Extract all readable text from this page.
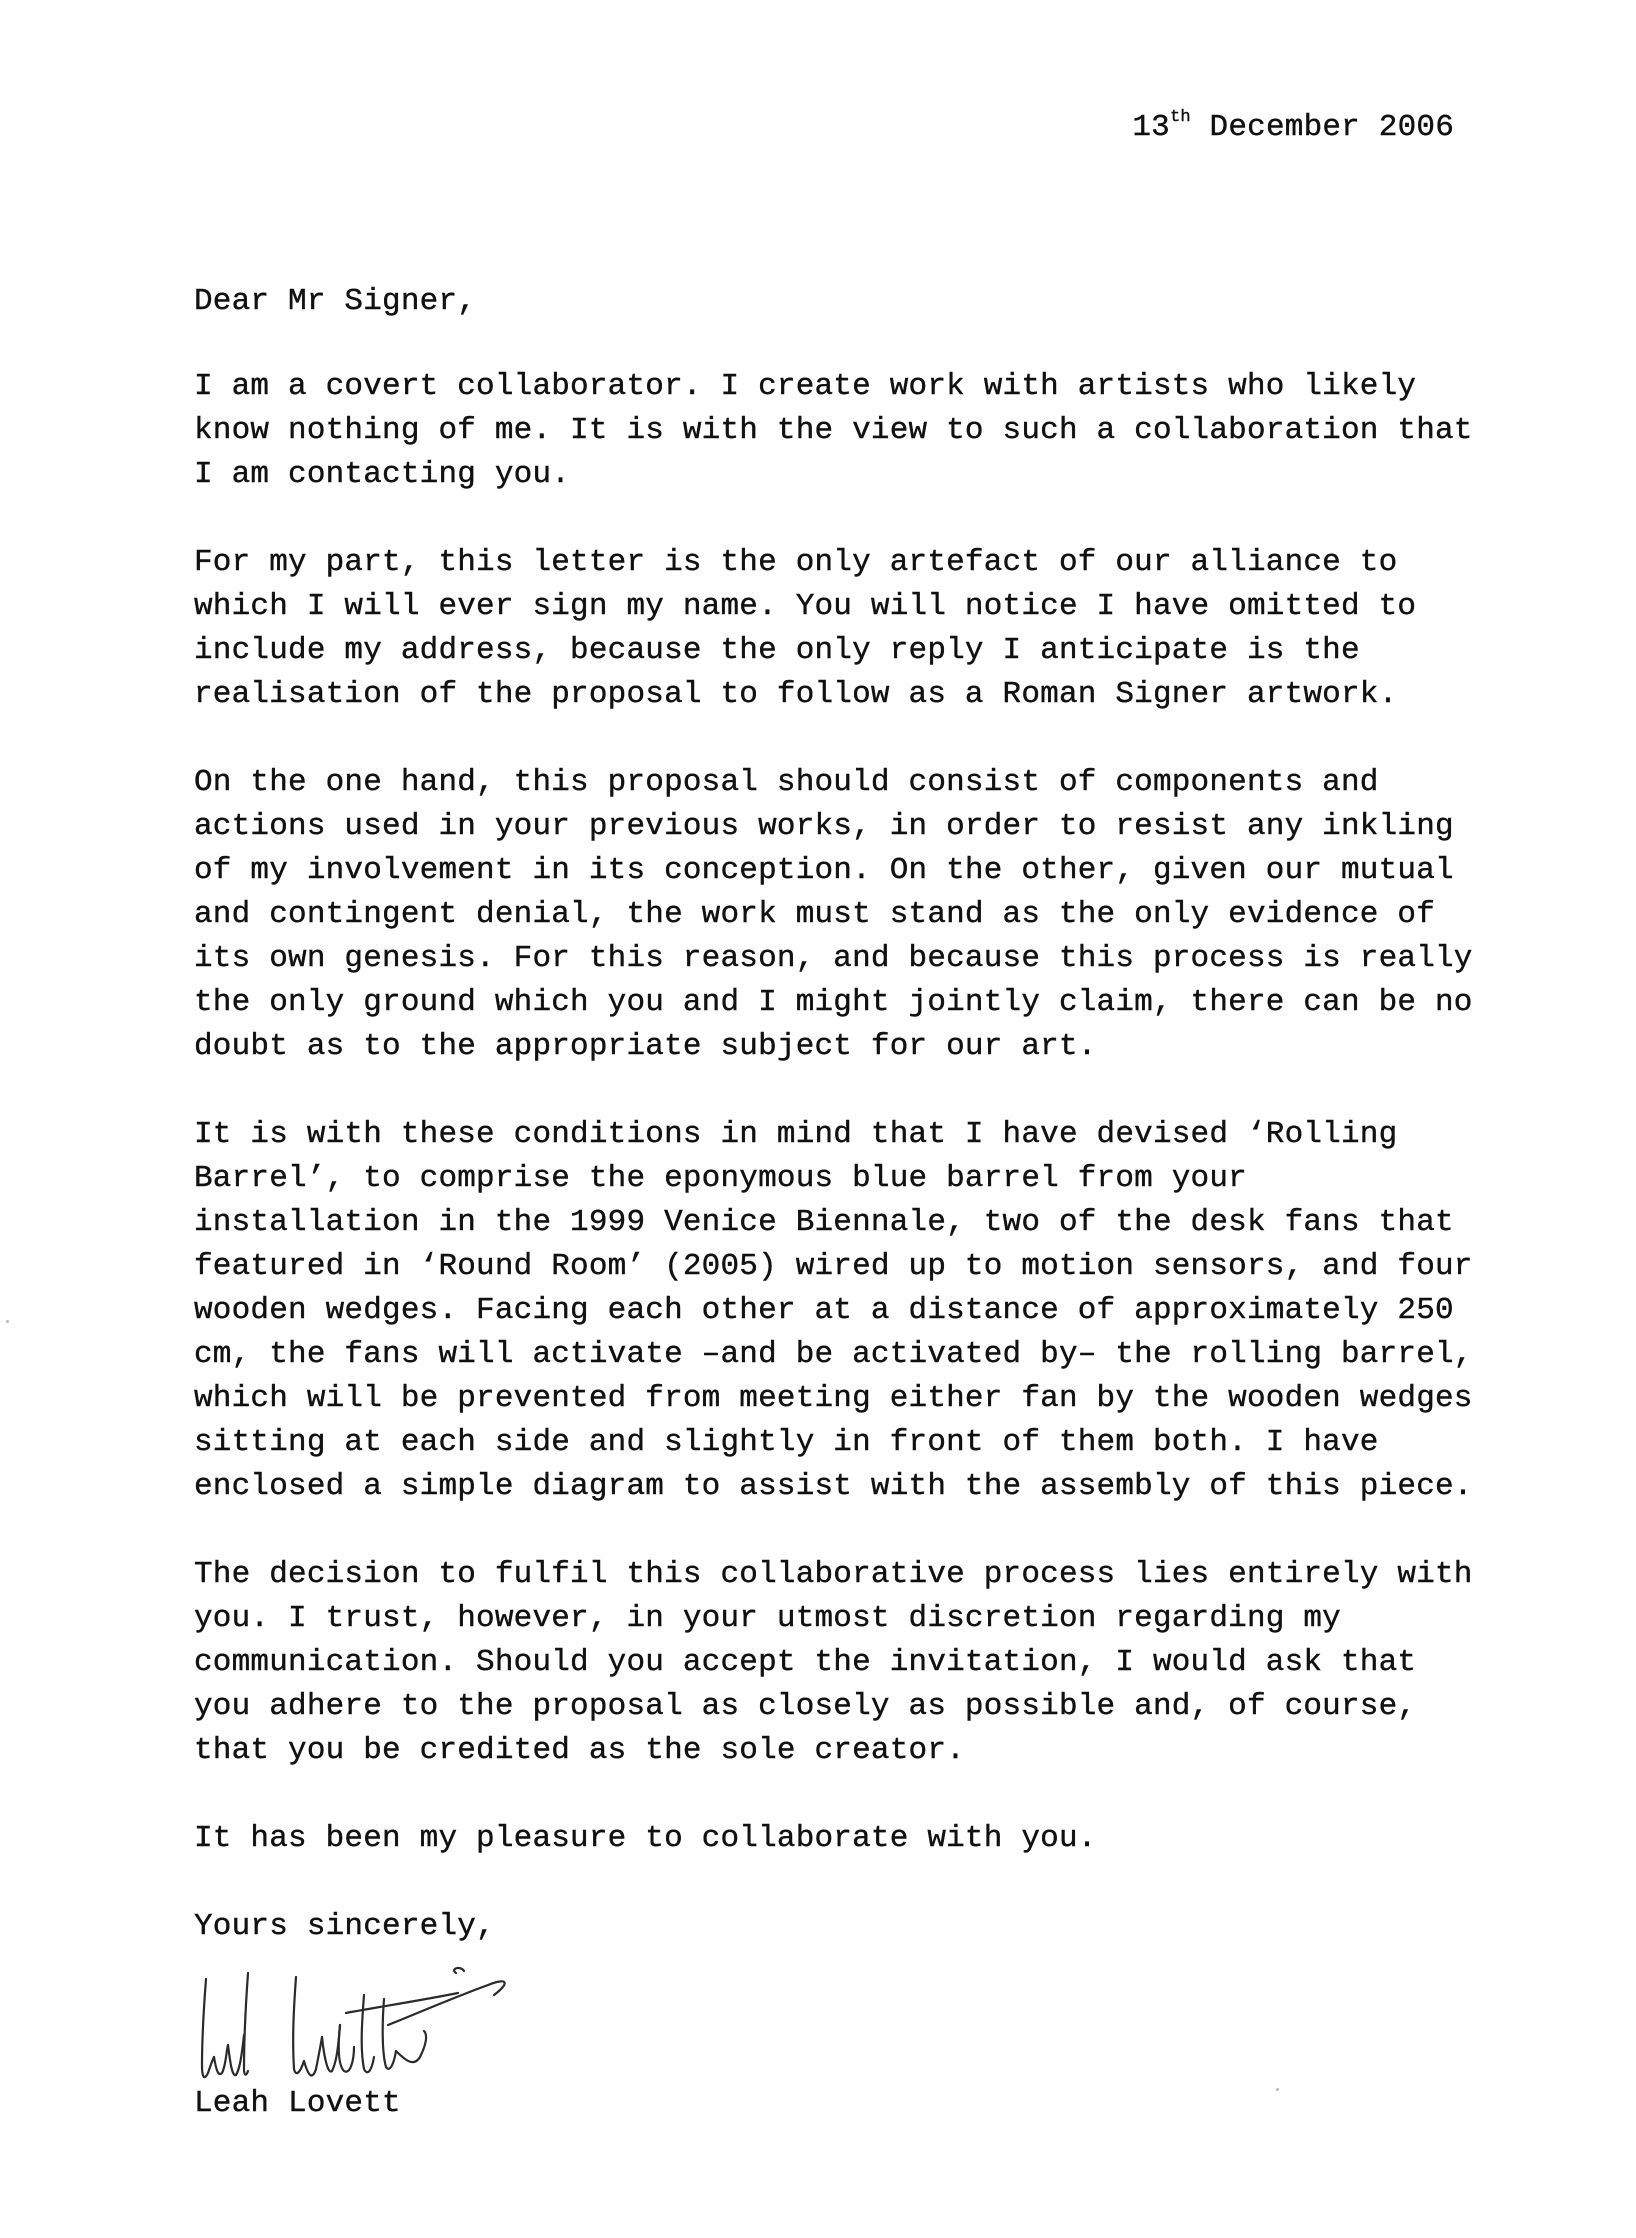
13th December 2006

Dear Mr Signer,

I am a covert collaborator. I create work with artists who likely
know nothing of me. It is with the view to such a collaboration that
I am contacting you.
For my part, this letter is the only artefact of our alliance to
which I will ever sign my name. You will notice I have omitted to
include my address, because the only reply I anticipate is the
realisation of the proposal to follow as a Roman Signer artwork.
On the one hand, this proposal should consist of components and
actions used in your previous works, in order to resist any inkling
of my involvement in its conception. On the other, given our mutual
and contingent denial, the work must stand as the only evidence of
its own genesis. For this reason, and because this process is really
the only ground which you and I might jointly claim, there can be no
doubt as to the appropriate subject for our art.
It is with these conditions in mind that I have devised ‘Rolling
Barrel’, to comprise the eponymous blue barrel from your
installation in the 1999 Venice Biennale, two of the desk fans that
featured in ‘Round Room’ (2005) wired up to motion sensors, and four
wooden wedges. Facing each other at a distance of approximately 250
cm, the fans will activate –and be activated by– the rolling barrel,
which will be prevented from meeting either fan by the wooden wedges
sitting at each side and slightly in front of them both. I have
enclosed a simple diagram to assist with the assembly of this piece.
The decision to fulfil this collaborative process lies entirely with
you. I trust, however, in your utmost discretion regarding my
communication. Should you accept the invitation, I would ask that
you adhere to the proposal as closely as possible and, of course,
that you be credited as the sole creator.
It has been my pleasure to collaborate with you.

Yours sincerely,

Leah Lovett
